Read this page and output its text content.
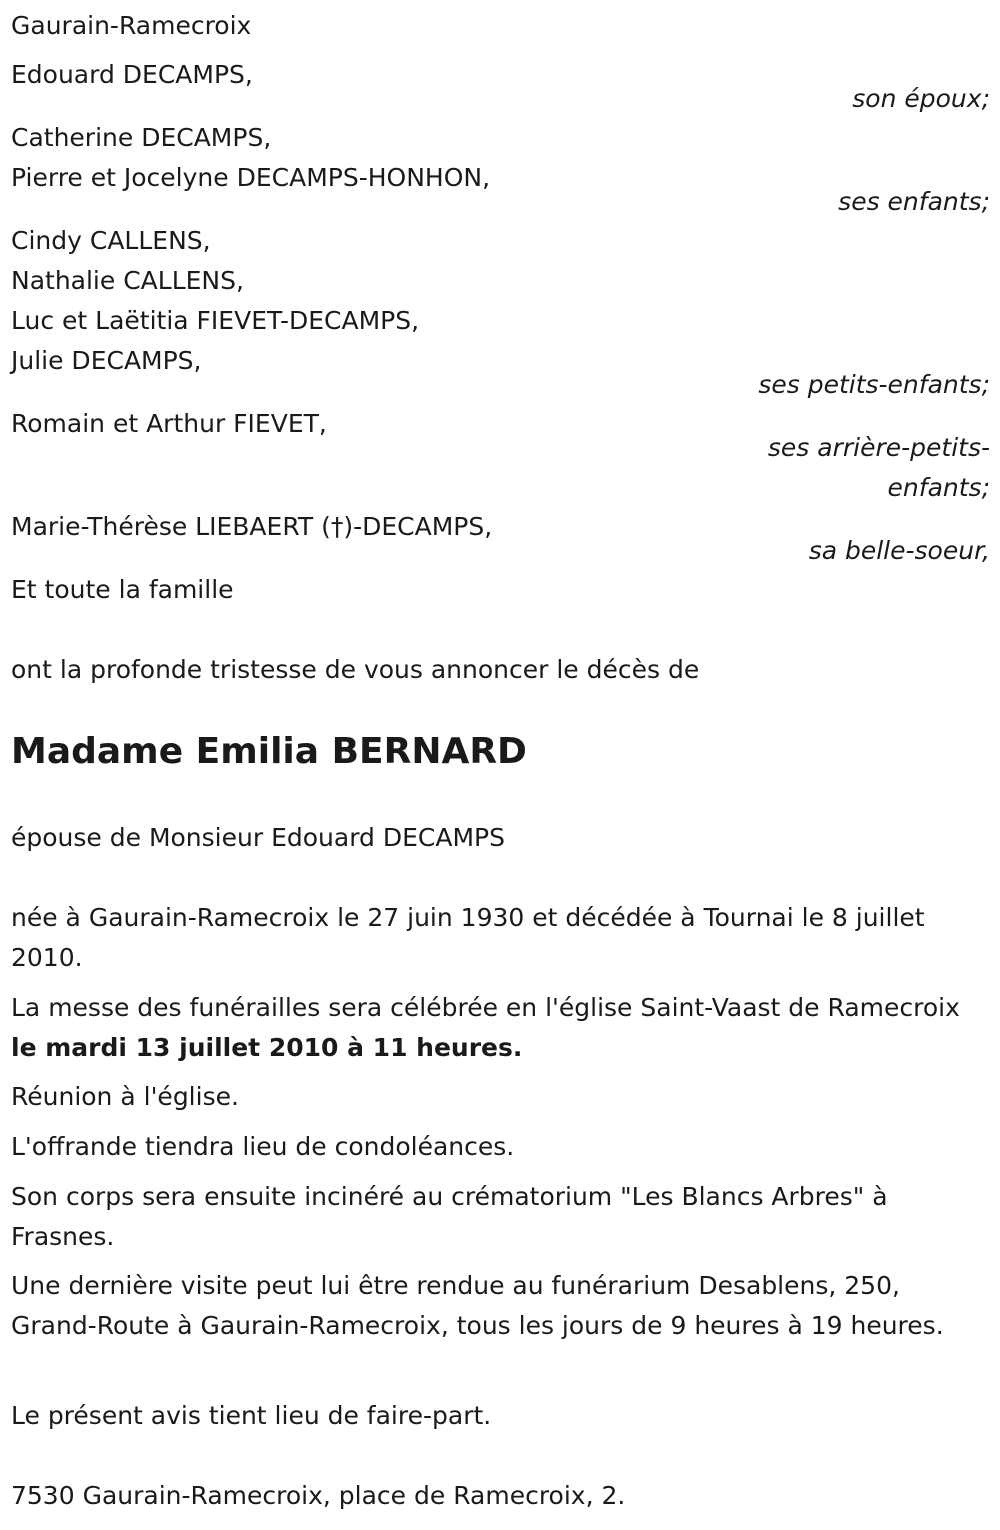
Gaurain-Ramecroix
Edouard DECAMPS,
son époux;
Catherine DECAMPS,
Pierre et Jocelyne DECAMPS-HONHON,
ses enfants;
Cindy CALLENS,
Nathalie CALLENS,
Luc et Laëtitia FIEVET-DECAMPS,
Julie DECAMPS,
ses petits-enfants;
Romain et Arthur FIEVET,
ses arrière-petits-
enfants;
Marie-Thérèse LIEBAERT (†)-DECAMPS,
sa belle-soeur,
Et toute la famille
ont la profonde tristesse de vous annoncer le décès de
Madame Emilia BERNARD
épouse de Monsieur Edouard DECAMPS
née à Gaurain-Ramecroix le 27 juin 1930 et décédée à Tournai le 8 juillet 2010.
La messe des funérailles sera célébrée en l'église Saint-Vaast de Ramecroix le mardi 13 juillet 2010 à 11 heures.
Réunion à l'église.
L'offrande tiendra lieu de condoléances.
Son corps sera ensuite incinéré au crématorium "Les Blancs Arbres" à Frasnes.
Une dernière visite peut lui être rendue au funérarium Desablens, 250, Grand-Route à Gaurain-Ramecroix, tous les jours de 9 heures à 19 heures.
Le présent avis tient lieu de faire-part.
7530 Gaurain-Ramecroix, place de Ramecroix, 2.
